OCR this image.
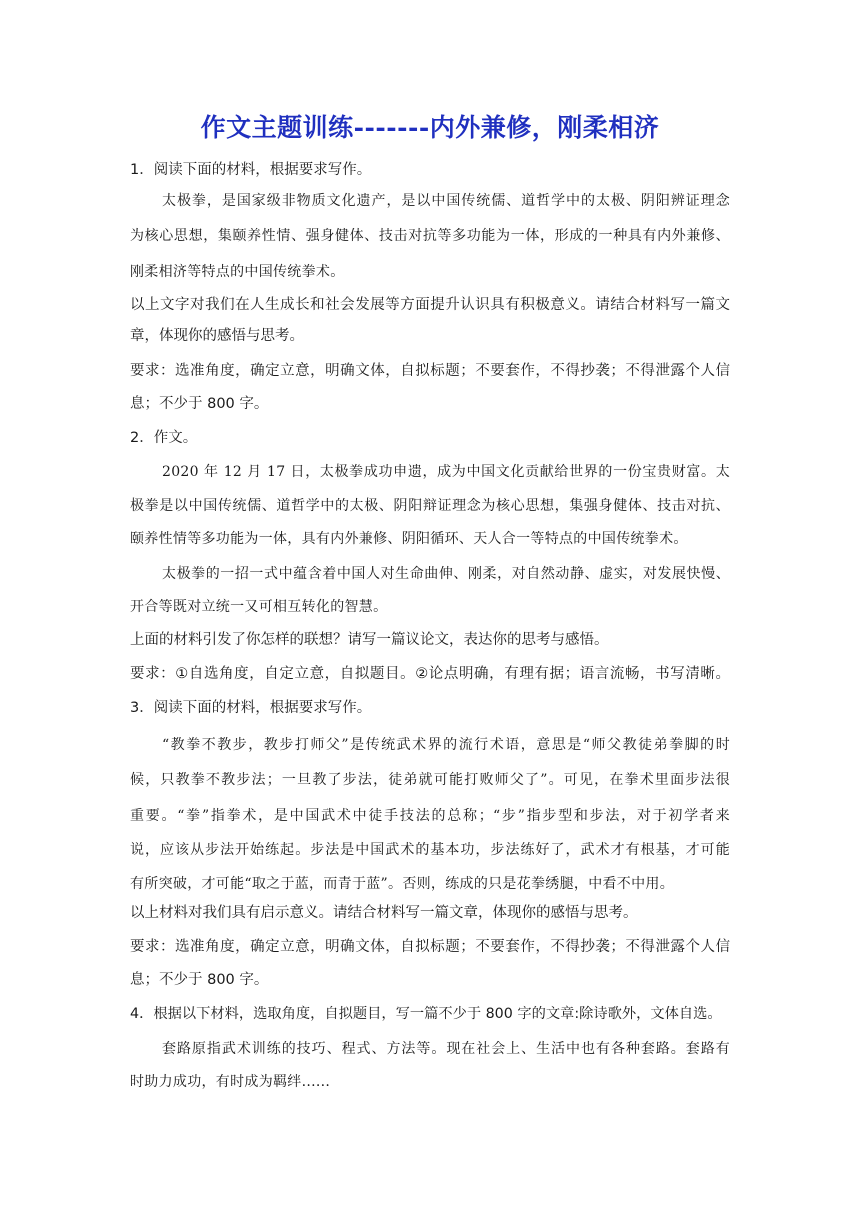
作文主题训练-------内外兼修，刚柔相济
1．阅读下面的材料，根据要求写作。
太极拳，是国家级非物质文化遗产，是以中国传统儒、道哲学中的太极、阴阳辨证理念
为核心思想，集颐养性情、强身健体、技击对抗等多功能为一体，形成的一种具有内外兼修、
刚柔相济等特点的中国传统拳术。
以上文字对我们在人生成长和社会发展等方面提升认识具有积极意义。请结合材料写一篇文
章，体现你的感悟与思考。
要求：选准角度，确定立意，明确文体，自拟标题；不要套作，不得抄袭；不得泄露个人信
息；不少于 800 字。
2．作文。
2020 年 12 月 17 日，太极拳成功申遗，成为中国文化贡献给世界的一份宝贵财富。太
极拳是以中国传统儒、道哲学中的太极、阴阳辩证理念为核心思想，集强身健体、技击对抗、
颐养性情等多功能为一体，具有内外兼修、阴阳循环、天人合一等特点的中国传统拳术。
太极拳的一招一式中蕴含着中国人对生命曲伸、刚柔，对自然动静、虚实，对发展快慢、
开合等既对立统一又可相互转化的智慧。
上面的材料引发了你怎样的联想？请写一篇议论文，表达你的思考与感悟。
要求：①自选角度，自定立意，自拟题目。②论点明确，有理有据；语言流畅，书写清晰。
3．阅读下面的材料，根据要求写作。
“教拳不教步，教步打师父”是传统武术界的流行术语，意思是“师父教徒弟拳脚的时
候，只教拳不教步法；一旦教了步法，徒弟就可能打败师父了”。可见，在拳术里面步法很
重要。“拳”指拳术，是中国武术中徒手技法的总称；“步”指步型和步法，对于初学者来
说，应该从步法开始练起。步法是中国武术的基本功，步法练好了，武术才有根基，才可能
有所突破，才可能“取之于蓝，而青于蓝”。否则，练成的只是花拳绣腿，中看不中用。
以上材料对我们具有启示意义。请结合材料写一篇文章，体现你的感悟与思考。
要求：选准角度，确定立意，明确文体，自拟标题；不要套作，不得抄袭；不得泄露个人信
息；不少于 800 字。
4．根据以下材料，选取角度，自拟题目，写一篇不少于 800 字的文章:除诗歌外，文体自选。
套路原指武术训练的技巧、程式、方法等。现在社会上、生活中也有各种套路。套路有
时助力成功，有时成为羁绊......
